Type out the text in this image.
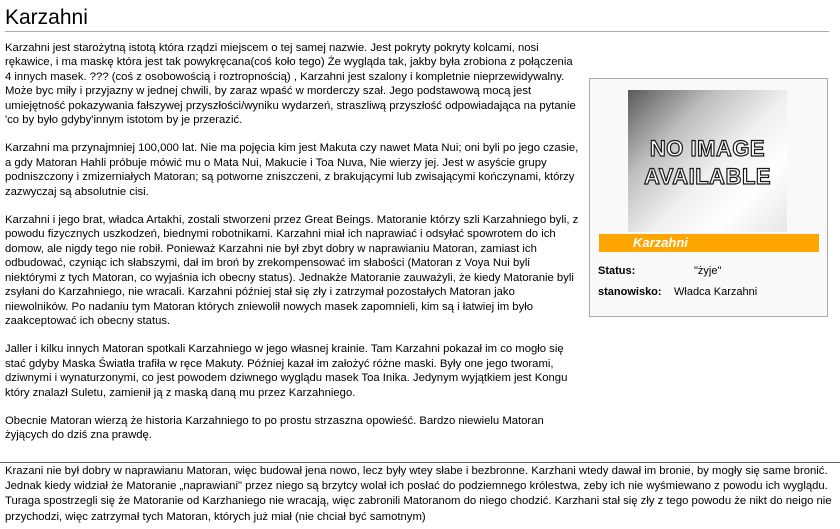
Karzahni

Karzahni jest starożytną istotą która rządzi miejscem o tej samej nazwie. Jest pokryty pokryty kolcami, nosi rękawice, i ma maskę która jest tak powykręcana(coś koło tego) Że wygląda tak, jakby była zrobiona z połączenia 4 innych masek. ??? (coś z osobowością i roztropnością) , Karzahni jest szalony i kompletnie nieprzewidywalny. Może byc miły i przyjazny w jednej chwili, by zaraz wpaść w morderczy szał. Jego podstawową mocą jest umiejętność pokazywania fałszywej przyszłości/wyniku wydarzeń, straszliwą przyszłość odpowiadająca na pytanie 'co by było gdyby'innym istotom by je przerazić.

Karzahni ma przynajmniej 100,000 lat. Nie ma pojęcia kim jest Makuta czy nawet Mata Nui; oni byli po jego czasie, a gdy Matoran Hahli próbuje mówić mu o Mata Nui, Makucie i Toa Nuva, Nie wierzy jej. Jest w asyście grupy podniszczony i zmizerniałych Matoran; są potworne zniszczeni, z brakującymi lub zwisającymi kończynami, którzy zazwyczaj są absolutnie cisi.

Karzahni i jego brat, władca Artakhi, zostali stworzeni przez Great Beings. Matoranie którzy szli Karzahniego byli, z powodu fizycznych uszkodzeń, biednymi robotnikami. Karzahni miał ich naprawiać i odsyłać spowrotem do ich domow, ale nigdy tego nie robił. Ponieważ Karzahni nie był zbyt dobry w naprawianiu Matoran, zamiast ich odbudować, czyniąc ich słabszymi, dał im broń by zrekompensować im słabości (Matoran z Voya Nui byli niektórymi z tych Matoran, co wyjaśnia ich obecny status). Jednakże Matoranie zauważyli, że kiedy Matoranie byli zsyłani do Karzahniego, nie wracali. Karzahni później stał się zły i zatrzymał pozostałych Matoran jako niewolników. Po nadaniu tym Matoran których zniewolił nowych masek zapomnieli, kim są i łatwiej im było zaakceptować ich obecny status.

Jaller i kilku innych Matoran spotkali Karzahniego w jego własnej krainie. Tam Karzahni pokazał im co mogło się stać gdyby Maska Światła trafiła w ręce Makuty. Później kazał im założyć różne maski. Były one jego tworami, dziwnymi i wynaturzonymi, co jest powodem dziwnego wyglądu masek Toa Inika. Jedynym wyjątkiem jest Kongu który znalazł Suletu, zamienił ją z maską daną mu przez Karzahniego.

Obecnie Matoran wierzą że historia Karzahniego to po prostu strzaszna opowieść. Bardzo niewielu Matoran żyjących do dziś zna prawdę.

NO IMAGE
AVAILABLE
Karzahni
Status:	"żyje"
stanowisko: Władca Karzahni
Krazani nie był dobry w naprawianu Matoran, więc budował jena nowo, lecz były wtey słabe i bezbronne. Karzhani wtedy dawał im bronie, by mogły się same bronić. Jednak kiedy widział że Matoranie „naprawiani" przez niego są brzytcy wolał ich posłać do podziemnego królestwa, zeby ich nie wyśmiewano z powodu ich wyglądu. Turaga spostrzegli się że Matoranie od Karzhaniego nie wracają, więc zabronili Matoranom do niego chodzić. Karzhani stał się zły z tego powodu że nikt do neigo nie przychodzi, więc zatrzymał tych Matoran, których już miał (nie chciał być samotnym)
